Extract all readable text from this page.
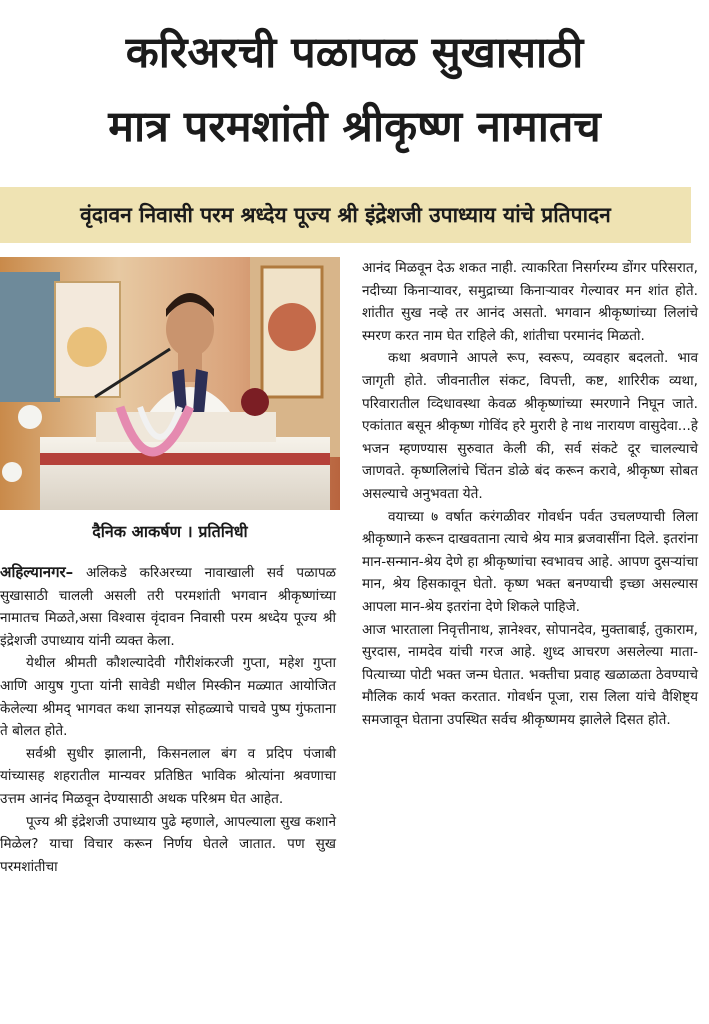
करिअरची पळापळ सुखासाठी
मात्र परमशांती श्रीकृष्ण नामातच
वृंदावन निवासी परम श्रध्देय पूज्य श्री इंद्रेशजी उपाध्याय यांचे प्रतिपादन
दैनिक आकर्षण । प्रतिनिधी

अहिल्यानगर– अलिकडे करिअरच्या नावाखाली सर्व पळापळ सुखासाठी चालली असली तरी परमशांती भगवान श्रीकृष्णांच्या नामातच मिळते,असा विश्वास वृंदावन निवासी परम श्रध्देय पूज्य श्री इंद्रेशजी उपाध्याय यांनी व्यक्त केला.

येथील श्रीमती कौशल्यादेवी गौरीशंकरजी गुप्ता, महेश गुप्ता आणि आयुष गुप्ता यांनी सावेडी मधील मिस्कीन मळ्यात आयोजित केलेल्या श्रीमद् भागवत कथा ज्ञानयज्ञ सोहळ्याचे पाचवे पुष्प गुंफताना ते बोलत होते.

सर्वश्री सुधीर झालानी, किसनलाल बंग व प्रदिप पंजाबी यांच्यासह शहरातील मान्यवर प्रतिष्ठित भाविक श्रोत्यांना श्रवणाचा उत्तम आनंद मिळवून देण्यासाठी अथक परिश्रम घेत आहेत.

पूज्य श्री इंद्रेशजी उपाध्याय पुढे म्हणाले, आपल्याला सुख कशाने मिळेल? याचा विचार करून निर्णय घेतले जातात. पण सुख परमशांतीचा

आनंद मिळवून देऊ शकत नाही. त्याकरिता निसर्गरम्य डोंगर परिसरात, नदीच्या किनाऱ्यावर, समुद्राच्या किनाऱ्यावर गेल्यावर मन शांत होते. शांतीत सुख नव्हे तर आनंद असतो. भगवान श्रीकृष्णांच्या लिलांचे स्मरण करत नाम घेत राहिले की, शांतीचा परमानंद मिळतो.

कथा श्रवणाने आपले रूप, स्वरूप, व्यवहार बदलतो. भाव जागृती होते. जीवनातील संकट, विपत्ती, कष्ट, शारिरीक व्यथा, परिवारातील व्दिधावस्था केवळ श्रीकृष्णांच्या स्मरणाने निघून जाते. एकांतात बसून श्रीकृष्ण गोविंद हरे मुरारी हे नाथ नारायण वासुदेवा...हे भजन म्हणण्यास सुरुवात केली की, सर्व संकटे दूर चालल्याचे जाणवते. कृष्णलिलांचे चिंतन डोळे बंद करून करावे, श्रीकृष्ण सोबत असल्याचे अनुभवता येते.

वयाच्या ७ वर्षात करंगळीवर गोवर्धन पर्वत उचलण्याची लिला श्रीकृष्णाने करून दाखवताना त्याचे श्रेय मात्र ब्रजवासींना दिले. इतरांना मान-सन्मान-श्रेय देणे हा श्रीकृष्णांचा स्वभावच आहे. आपण दुसऱ्यांचा मान, श्रेय हिसकावून घेतो. कृष्ण भक्त बनण्याची इच्छा असल्यास आपला मान-श्रेय इतरांना देणे शिकले पाहिजे.

आज भारताला निवृत्तीनाथ, ज्ञानेश्वर, सोपानदेव, मुक्ताबाई, तुकाराम, सुरदास, नामदेव यांची गरज आहे. शुध्द आचरण असलेल्या माता-पित्याच्या पोटी भक्त जन्म घेतात. भक्तीचा प्रवाह खळाळता ठेवण्याचे मौलिक कार्य भक्त करतात. गोवर्धन पूजा, रास लिला यांचे वैशिष्ट्य समजावून घेताना उपस्थित सर्वच श्रीकृष्णमय झालेले दिसत होते.
